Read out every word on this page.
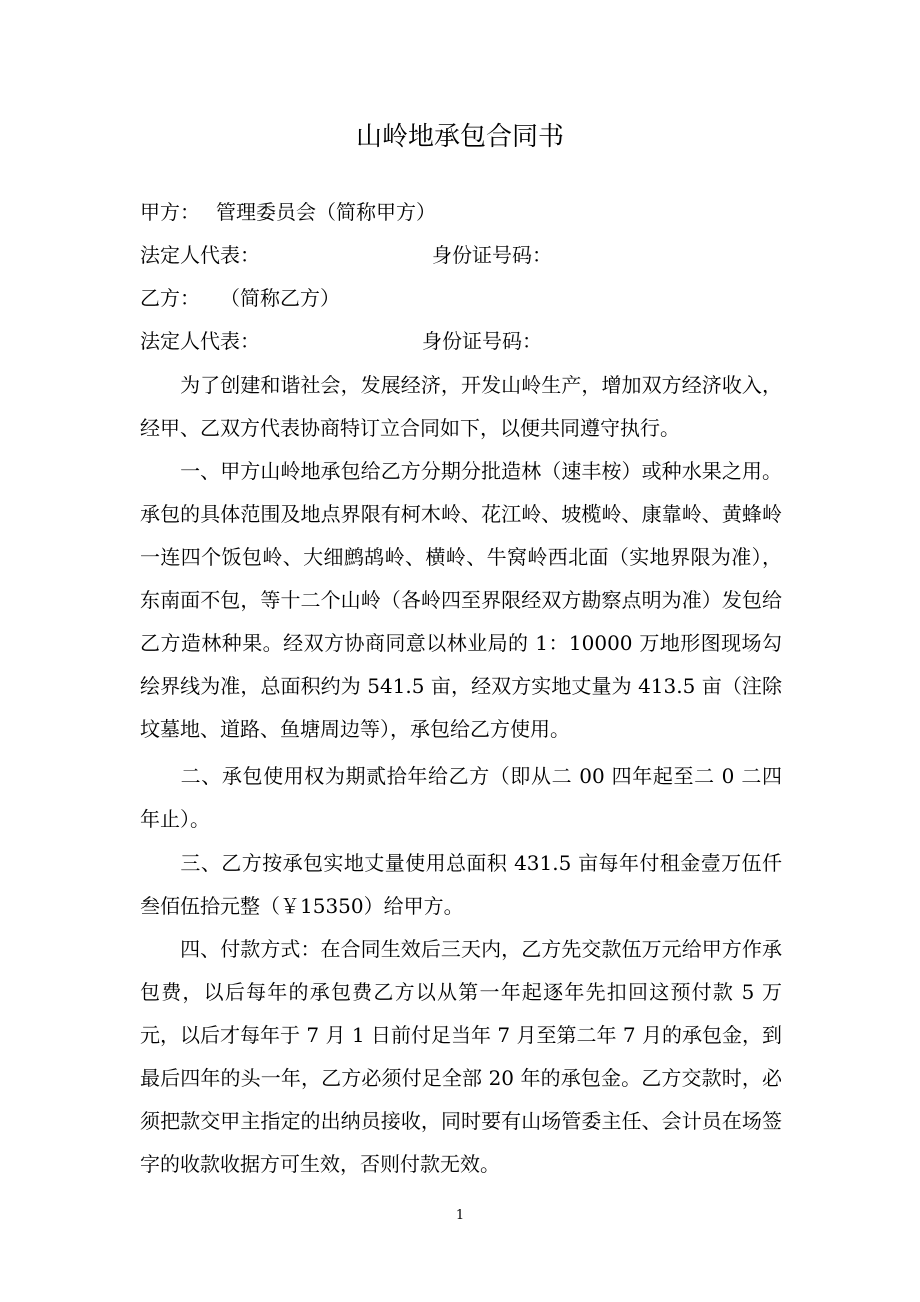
山岭地承包合同书
甲方： 管理委员会（简称甲方）
法定人代表：	身份证号码：
乙方： （简称乙方）
法定人代表：	身份证号码：

为了创建和谐社会，发展经济，开发山岭生产，增加双方经济收入，经甲、乙双方代表协商特订立合同如下，以便共同遵守执行。

一、甲方山岭地承包给乙方分期分批造林（速丰桉）或种水果之用。承包的具体范围及地点界限有柯木岭、花江岭、坡榄岭、康靠岭、黄蜂岭一连四个饭包岭、大细鹧鸪岭、横岭、牛窝岭西北面（实地界限为准），东南面不包，等十二个山岭（各岭四至界限经双方勘察点明为准）发包给乙方造林种果。经双方协商同意以林业局的 1：10000 万地形图现场勾绘界线为准，总面积约为 541.5 亩，经双方实地丈量为 413.5 亩（注除坟墓地、道路、鱼塘周边等），承包给乙方使用。

二、承包使用权为期贰拾年给乙方（即从二 00 四年起至二 0 二四年止）。

三、乙方按承包实地丈量使用总面积 431.5 亩每年付租金壹万伍仟叁佰伍拾元整（￥15350）给甲方。

四、付款方式：在合同生效后三天内，乙方先交款伍万元给甲方作承包费，以后每年的承包费乙方以从第一年起逐年先扣回这预付款 5 万元，以后才每年于 7 月 1 日前付足当年 7 月至第二年 7 月的承包金，到最后四年的头一年，乙方必须付足全部 20 年的承包金。乙方交款时，必须把款交甲主指定的出纳员接收，同时要有山场管委主任、会计员在场签字的收款收据方可生效，否则付款无效。

1
